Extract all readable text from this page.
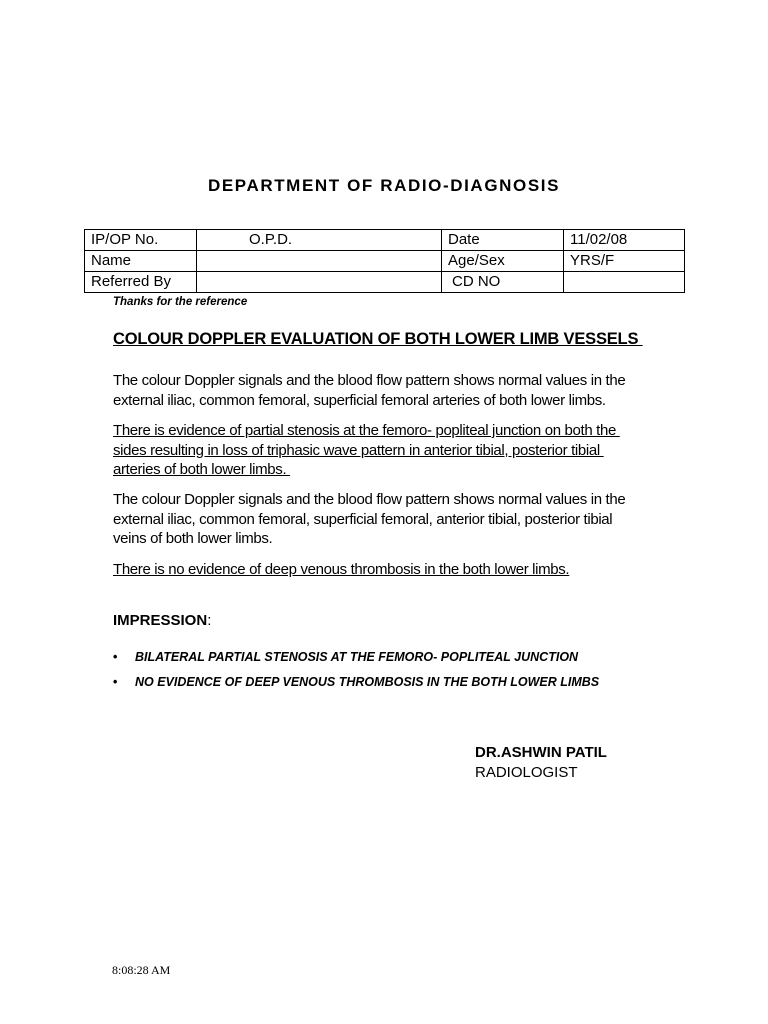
DEPARTMENT OF RADIO-DIAGNOSIS
IP/OP No.	O.P.D.	Date	11/02/08
Name		Age/Sex	YRS/F
Referred By		CD NO	
Thanks for the reference
COLOUR DOPPLER EVALUATION OF BOTH LOWER LIMB VESSELS
The colour Doppler signals and the blood flow pattern shows normal values in the
external iliac, common femoral, superficial femoral arteries of both lower limbs.
There is evidence of partial stenosis at the femoro- popliteal junction on both the
sides resulting in loss of triphasic wave pattern in anterior tibial, posterior tibial
arteries of both lower limbs.
The colour Doppler signals and the blood flow pattern shows normal values in the
external iliac, common femoral, superficial femoral, anterior tibial, posterior tibial
veins of both lower limbs.
There is no evidence of deep venous thrombosis in the both lower limbs.
IMPRESSION:
• BILATERAL PARTIAL STENOSIS AT THE FEMORO- POPLITEAL JUNCTION
• NO EVIDENCE OF DEEP VENOUS THROMBOSIS IN THE BOTH LOWER LIMBS
DR.ASHWIN PATIL
RADIOLOGIST
8:08:28 AM
